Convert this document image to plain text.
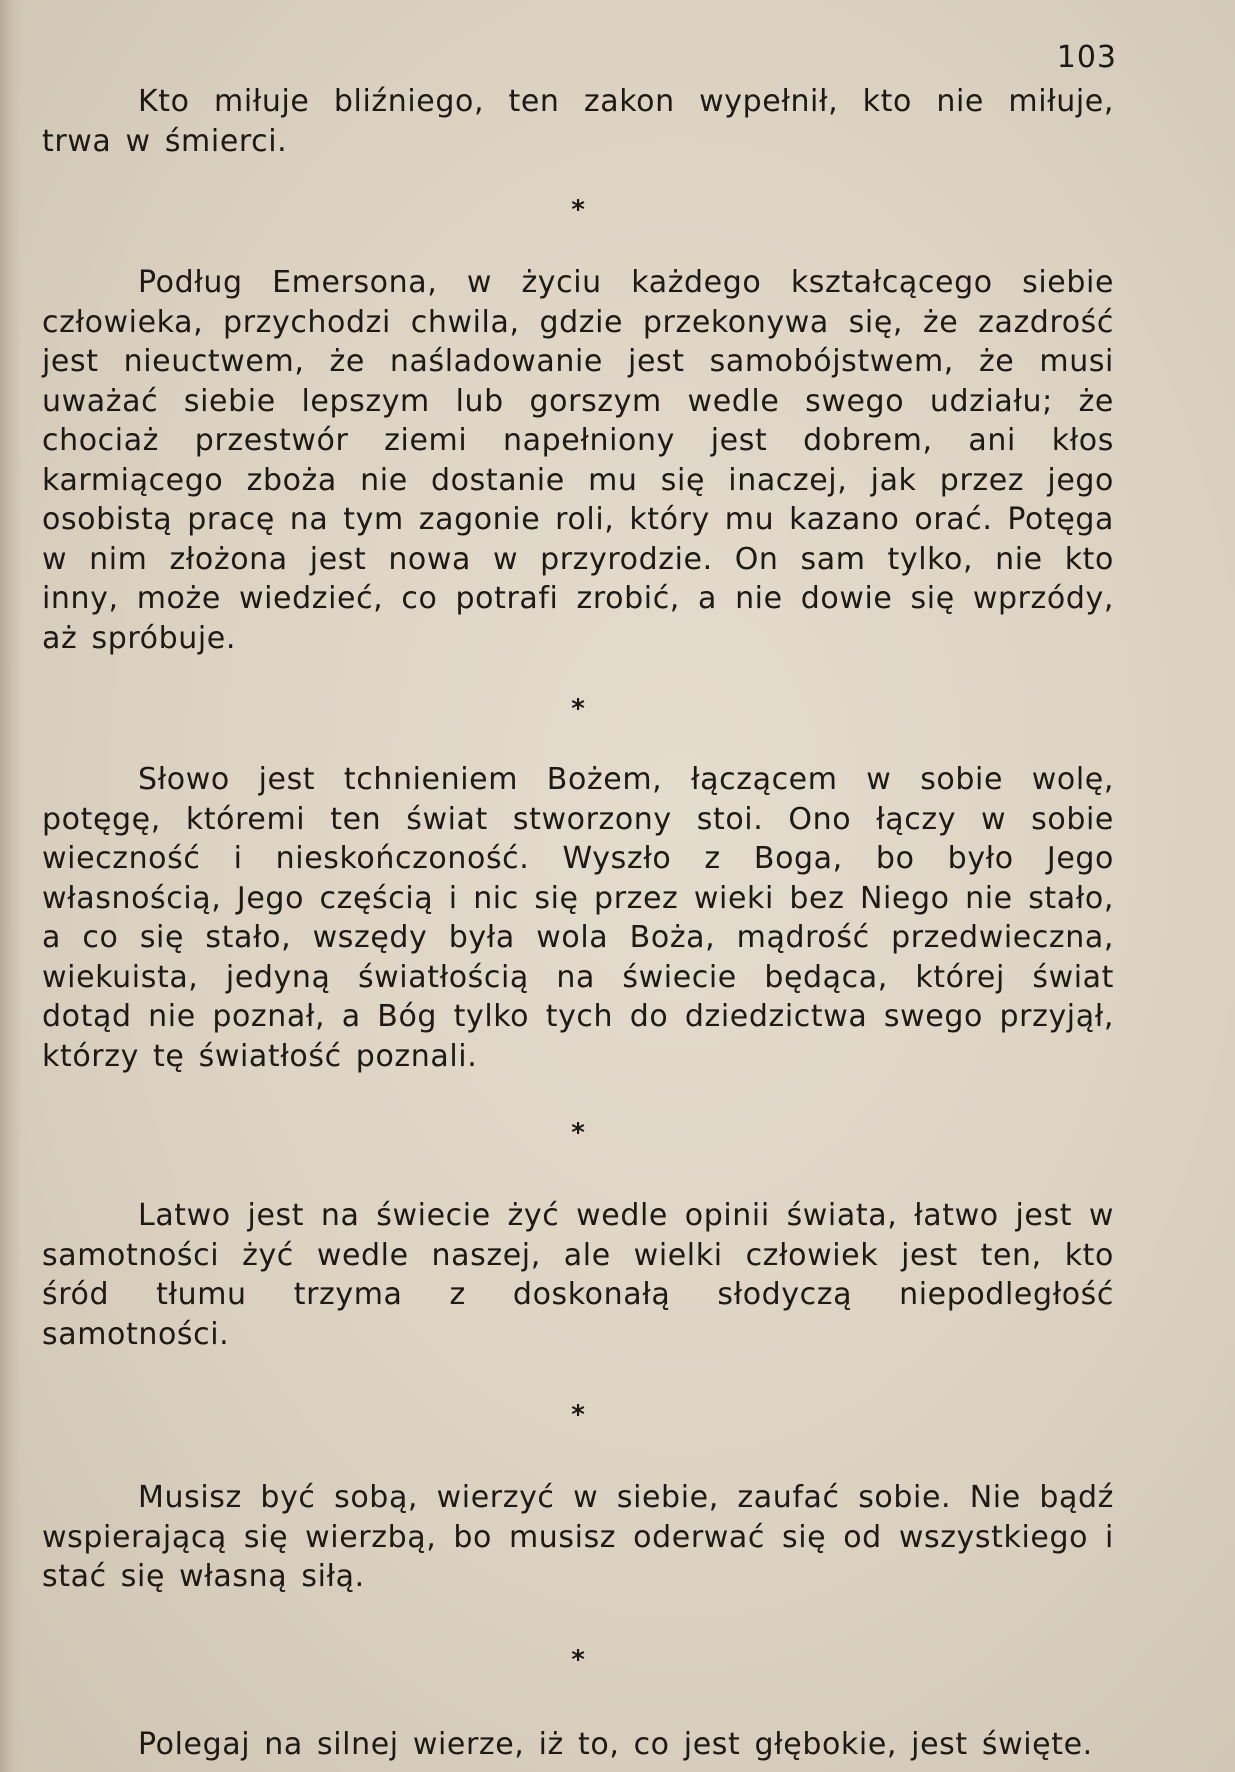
103

Kto miłuje bliźniego, ten zakon wypełnił, kto nie miłuje, trwa w śmierci.

*

Podług Emersona, w życiu każdego kształcącego siebie człowieka, przychodzi chwila, gdzie przekonywa się, że zazdrość jest nieuctwem, że naśladowanie jest samobójstwem, że musi uważać siebie lepszym lub gorszym wedle swego udziału; że chociaż przestwór ziemi napełniony jest dobrem, ani kłos karmiącego zboża nie dostanie mu się inaczej, jak przez jego osobistą pracę na tym zagonie roli, który mu kazano orać. Potęga w nim złożona jest nowa w przyrodzie. On sam tylko, nie kto inny, może wiedzieć, co potrafi zrobić, a nie dowie się wprzódy, aż spróbuje.

*

Słowo jest tchnieniem Bożem, łączącem w sobie wolę, potęgę, któremi ten świat stworzony stoi. Ono łączy w sobie wieczność i nieskończoność. Wyszło z Boga, bo było Jego własnością, Jego częścią i nic się przez wieki bez Niego nie stało, a co się stało, wszędy była wola Boża, mądrość przedwieczna, wiekuista, jedyną światłością na świecie będąca, której świat dotąd nie poznał, a Bóg tylko tych do dziedzictwa swego przyjął, którzy tę światłość poznali.

*

Latwo jest na świecie żyć wedle opinii świata, łatwo jest w samotności żyć wedle naszej, ale wielki człowiek jest ten, kto śród tłumu trzyma z doskonałą słodyczą niepodległość samotności.

*

Musisz być sobą, wierzyć w siebie, zaufać sobie. Nie bądź wspierającą się wierzbą, bo musisz oderwać się od wszystkiego i stać się własną siłą.

*

Polegaj na silnej wierze, iż to, co jest głębokie, jest święte.
